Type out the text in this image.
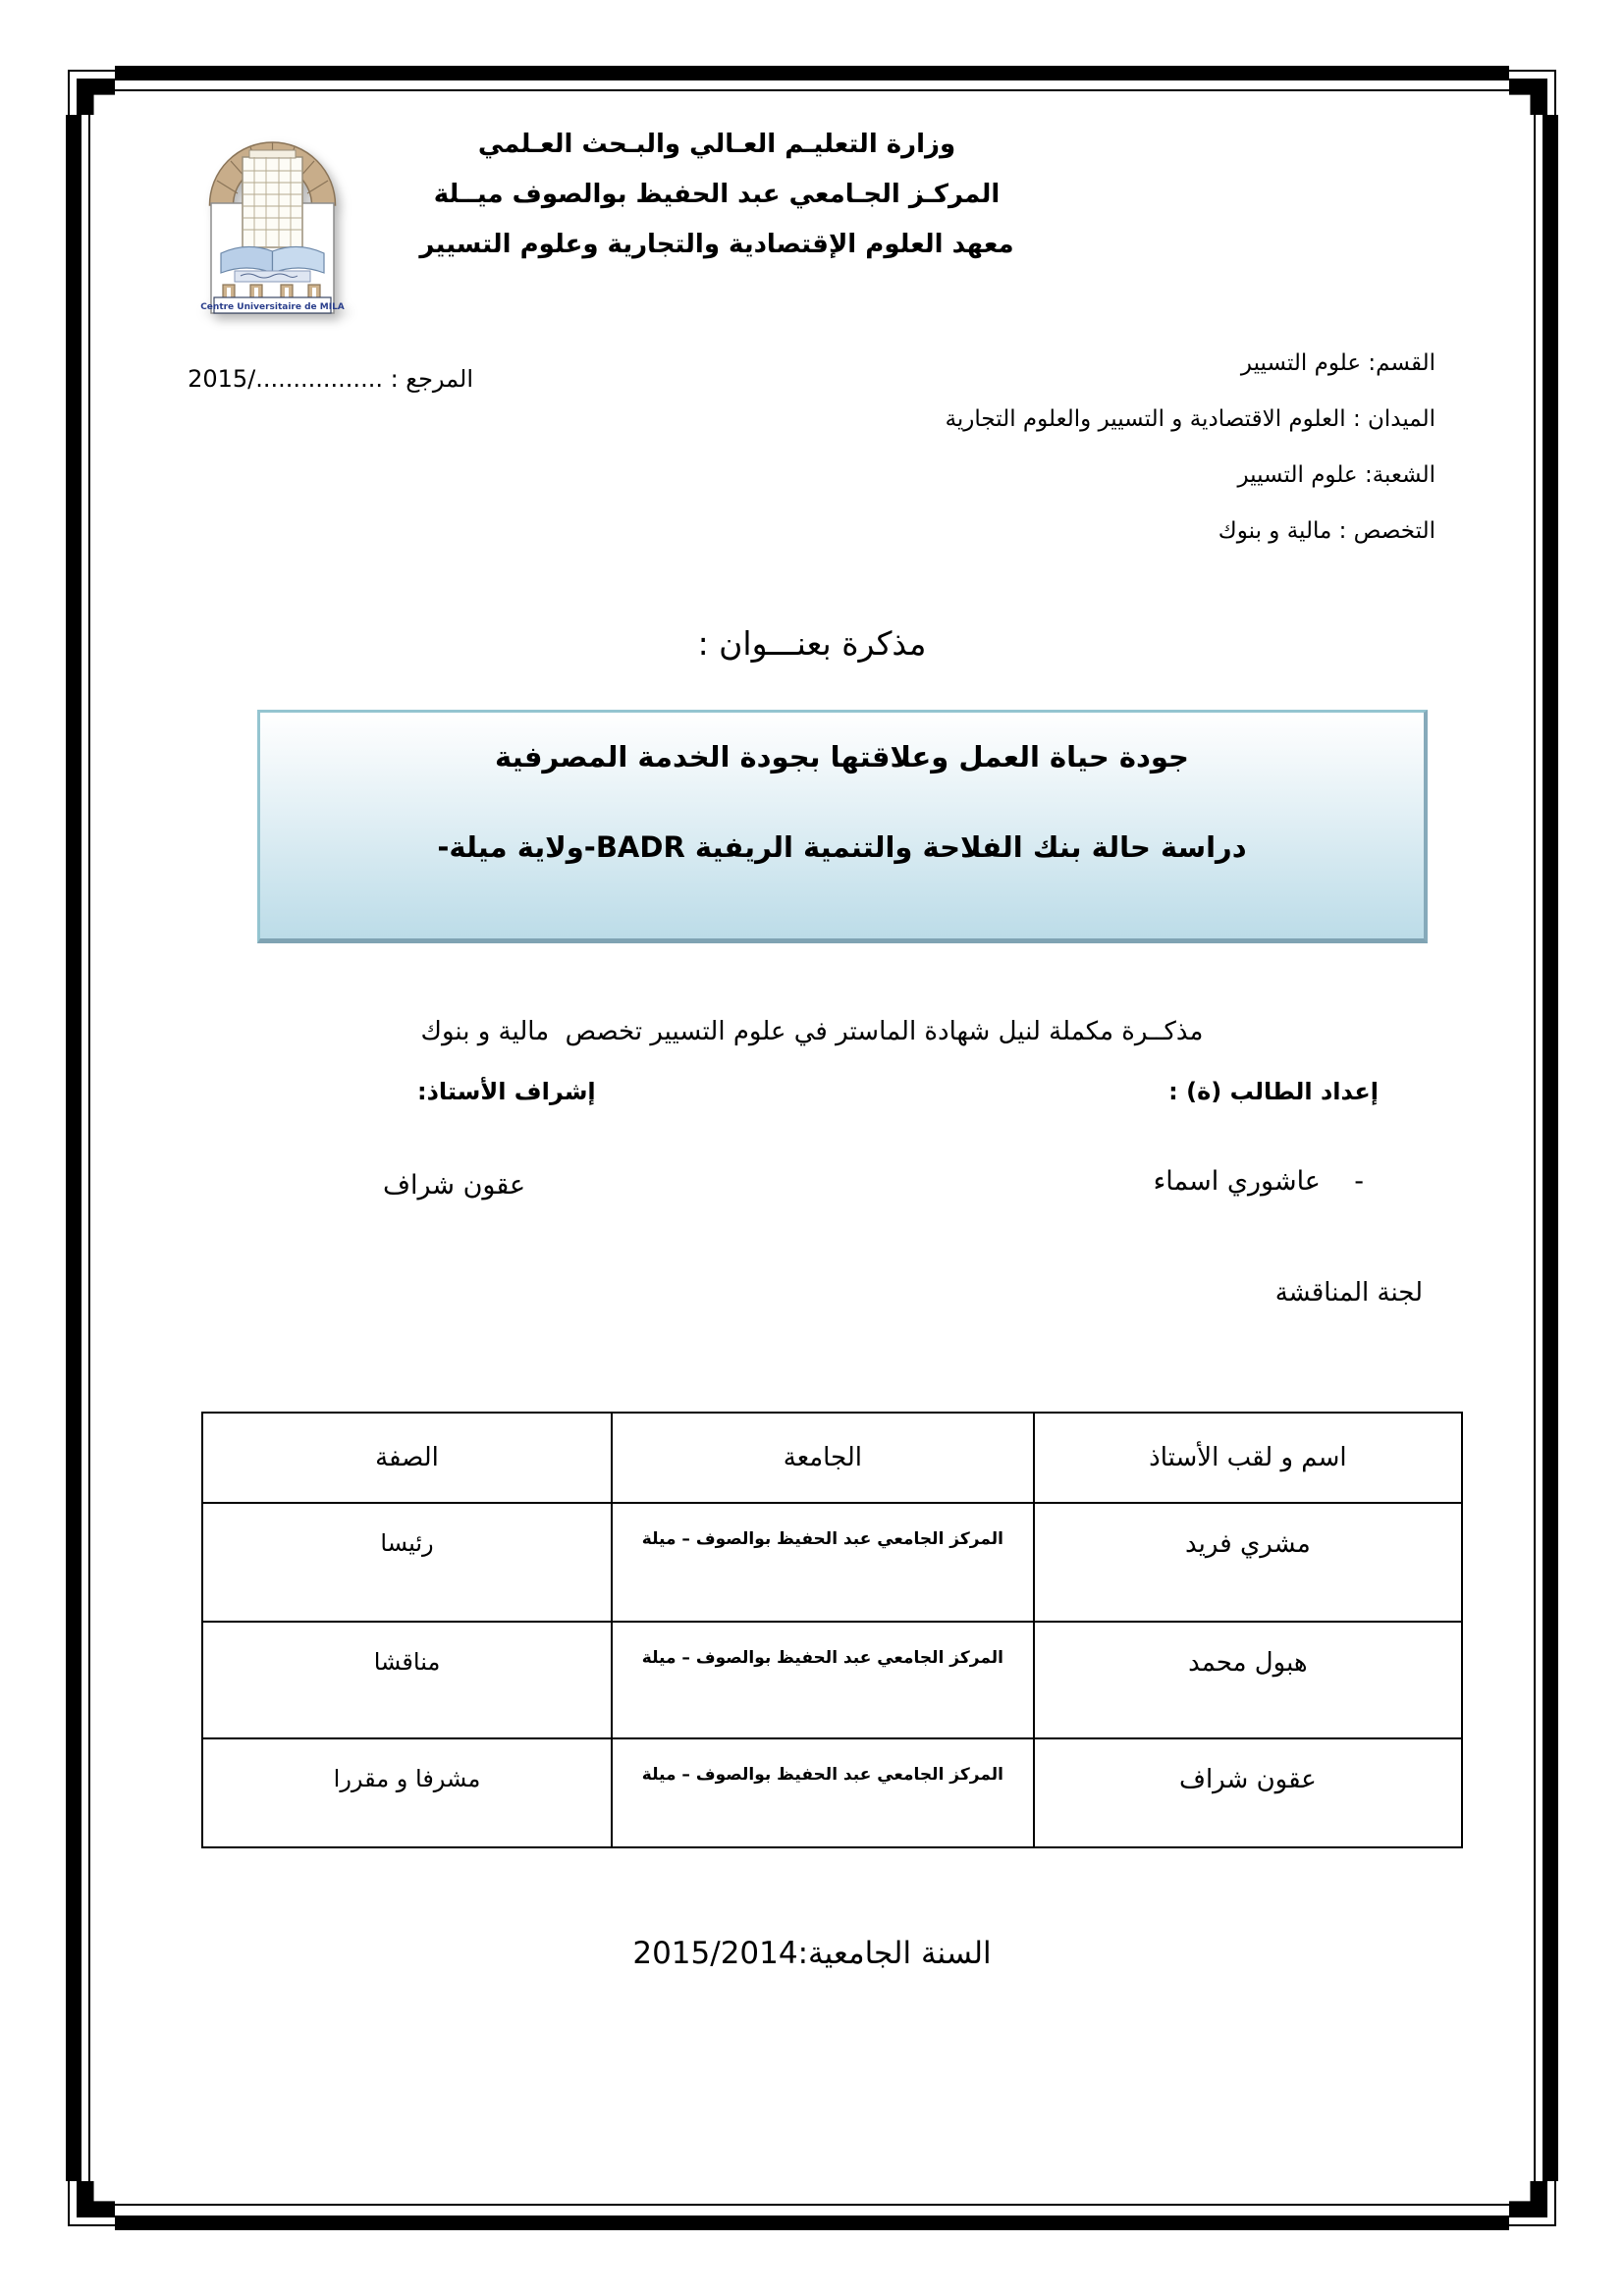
Centre Universitaire de MILA
وزارة التعليـم العـالي والبـحث العـلمي
المركـز الجـامعي عبد الحفيظ بوالصوف ميــلة
معهد العلوم الإقتصادية والتجارية وعلوم التسيير
القسم: علوم التسيير
الميدان : العلوم الاقتصادية و التسيير والعلوم التجارية
الشعبة: علوم التسيير
التخصص : مالية و بنوك
المرجع : ................./2015
مذكرة بعنـــوان :
جودة حياة العمل وعلاقتها بجودة الخدمة المصرفية
دراسة حالة بنك الفلاحة والتنمية الريفية BADR-ولاية ميلة-
مذكــرة مكملة لنيل شهادة الماستر في علوم التسيير تخصص  مالية و بنوك
إعداد الطالب (ة) :
إشراف الأستاذ:
-    عاشوري اسماء
عقون شراف
لجنة المناقشة
اسم و لقب الأستاذ	الجامعة	الصفة
مشري فريد	المركز الجامعي عبد الحفيظ بوالصوف – ميلة	رئيسا
هبول محمد	المركز الجامعي عبد الحفيظ بوالصوف – ميلة	مناقشا
عقون شراف	المركز الجامعي عبد الحفيظ بوالصوف – ميلة	مشرفا و مقررا
السنة الجامعية:2015/2014
